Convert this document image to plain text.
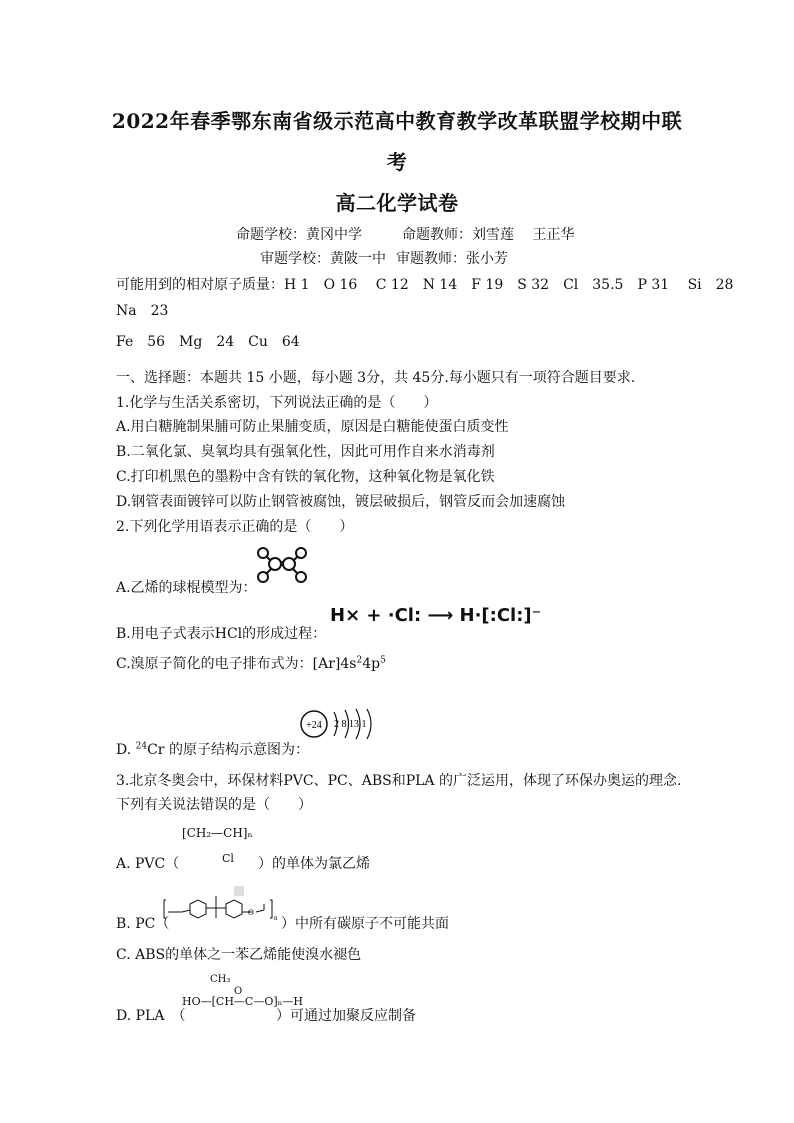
2022年春季鄂东南省级示范高中教育教学改革联盟学校期中联
考
高二化学试卷
命题学校：黄冈中学	命题教师：刘雪莲　 王正华
审题学校：黄陂一中 审题教师：张小芳
可能用到的相对原子质量：H 1　O 16　 C 12　N 14　F 19　S 32　Cl　35.5　P 31　 Si　28
Na　23
Fe　56　Mg　24　Cu　64
一、选择题：本题共 15 小题，每小题 3分，共 45分.每小题只有一项符合题目要求.
1.化学与生活关系密切，下列说法正确的是（　　）
A.用白糖腌制果脯可防止果脯变质，原因是白糖能使蛋白质变性
B.二氧化氯、臭氧均具有强氧化性，因此可用作自来水消毒剂
C.打印机黑色的墨粉中含有铁的氧化物，这种氧化物是氧化铁
D.钢管表面镀锌可以防止钢管被腐蚀，镀层破损后，钢管反而会加速腐蚀
2.下列化学用语表示正确的是（　　）
A.乙烯的球棍模型为：
B.用电子式表示HCl的形成过程：
H× + ·Cl: ⟶ H·[:Cl:]⁻
C.溴原子简化的电子排布式为：$[Ar]4s^24p^5$
+24 2 8 13 1
D. $^{24}$Cr 的原子结构示意图为：
3.北京冬奥会中，环保材料PVC、PC、ABS和PLA 的广泛运用，体现了环保办奥运的理念.
下列有关说法错误的是（　　）
[CH₂—CH]ₙ
Cl
A. PVC（	）的单体为氯乙烯
O
n
B. PC（	）中所有碳原子不可能共面
C. ABS的单体之一苯乙烯能使溴水褪色
CH₃
O
HO—[CH—C—O]ₙ—H
D. PLA　（	）可通过加聚反应制备
